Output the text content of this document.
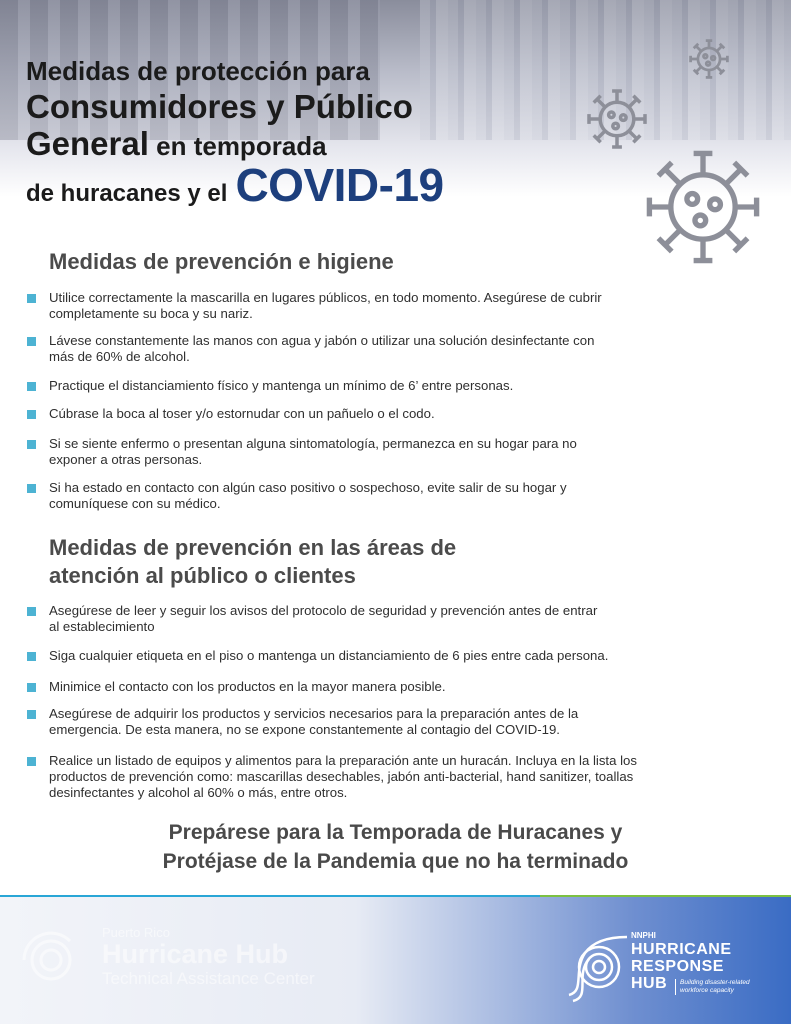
Medidas de protección para
Consumidores y Público
General en temporada
de huracanes y el COVID-19
Medidas de prevención e higiene
Utilice correctamente la mascarilla en lugares públicos, en todo momento. Asegúrese de cubrir
completamente su boca y su nariz.
Lávese constantemente las manos con agua y jabón o utilizar una solución desinfectante con
más de 60% de alcohol.
Practique el distanciamiento físico y mantenga un mínimo de 6’ entre personas.
Cúbrase la boca al toser y/o estornudar con un pañuelo o el codo.
Si se siente enfermo o presentan alguna sintomatología, permanezca en su hogar para no
exponer a otras personas.
Si ha estado en contacto con algún caso positivo o sospechoso, evite salir de su hogar y
comuníquese con su médico.
Medidas de prevención en las áreas de
atención al público o clientes
Asegúrese de leer y seguir los avisos del protocolo de seguridad y prevención antes de entrar
al establecimiento
Siga cualquier etiqueta en el piso o mantenga un distanciamiento de 6 pies entre cada persona.
Minimice el contacto con los productos en la mayor manera posible.
Asegúrese de adquirir los productos y servicios necesarios para la preparación antes de la
emergencia. De esta manera, no se expone constantemente al contagio del COVID-19.
Realice un listado de equipos y alimentos para la preparación ante un huracán. Incluya en la lista los
productos de prevención como: mascarillas desechables, jabón anti-bacterial, hand sanitizer, toallas
desinfectantes y alcohol al 60% o más, entre otros.
Prepárese para la Temporada de Huracanes y
Protéjase de la Pandemia que no ha terminado
Puerto Rico
Hurricane Hub
Technical Assistance Center
NNPHI
HURRICANE
RESPONSE
HUB	Building disaster-related
workforce capacity
